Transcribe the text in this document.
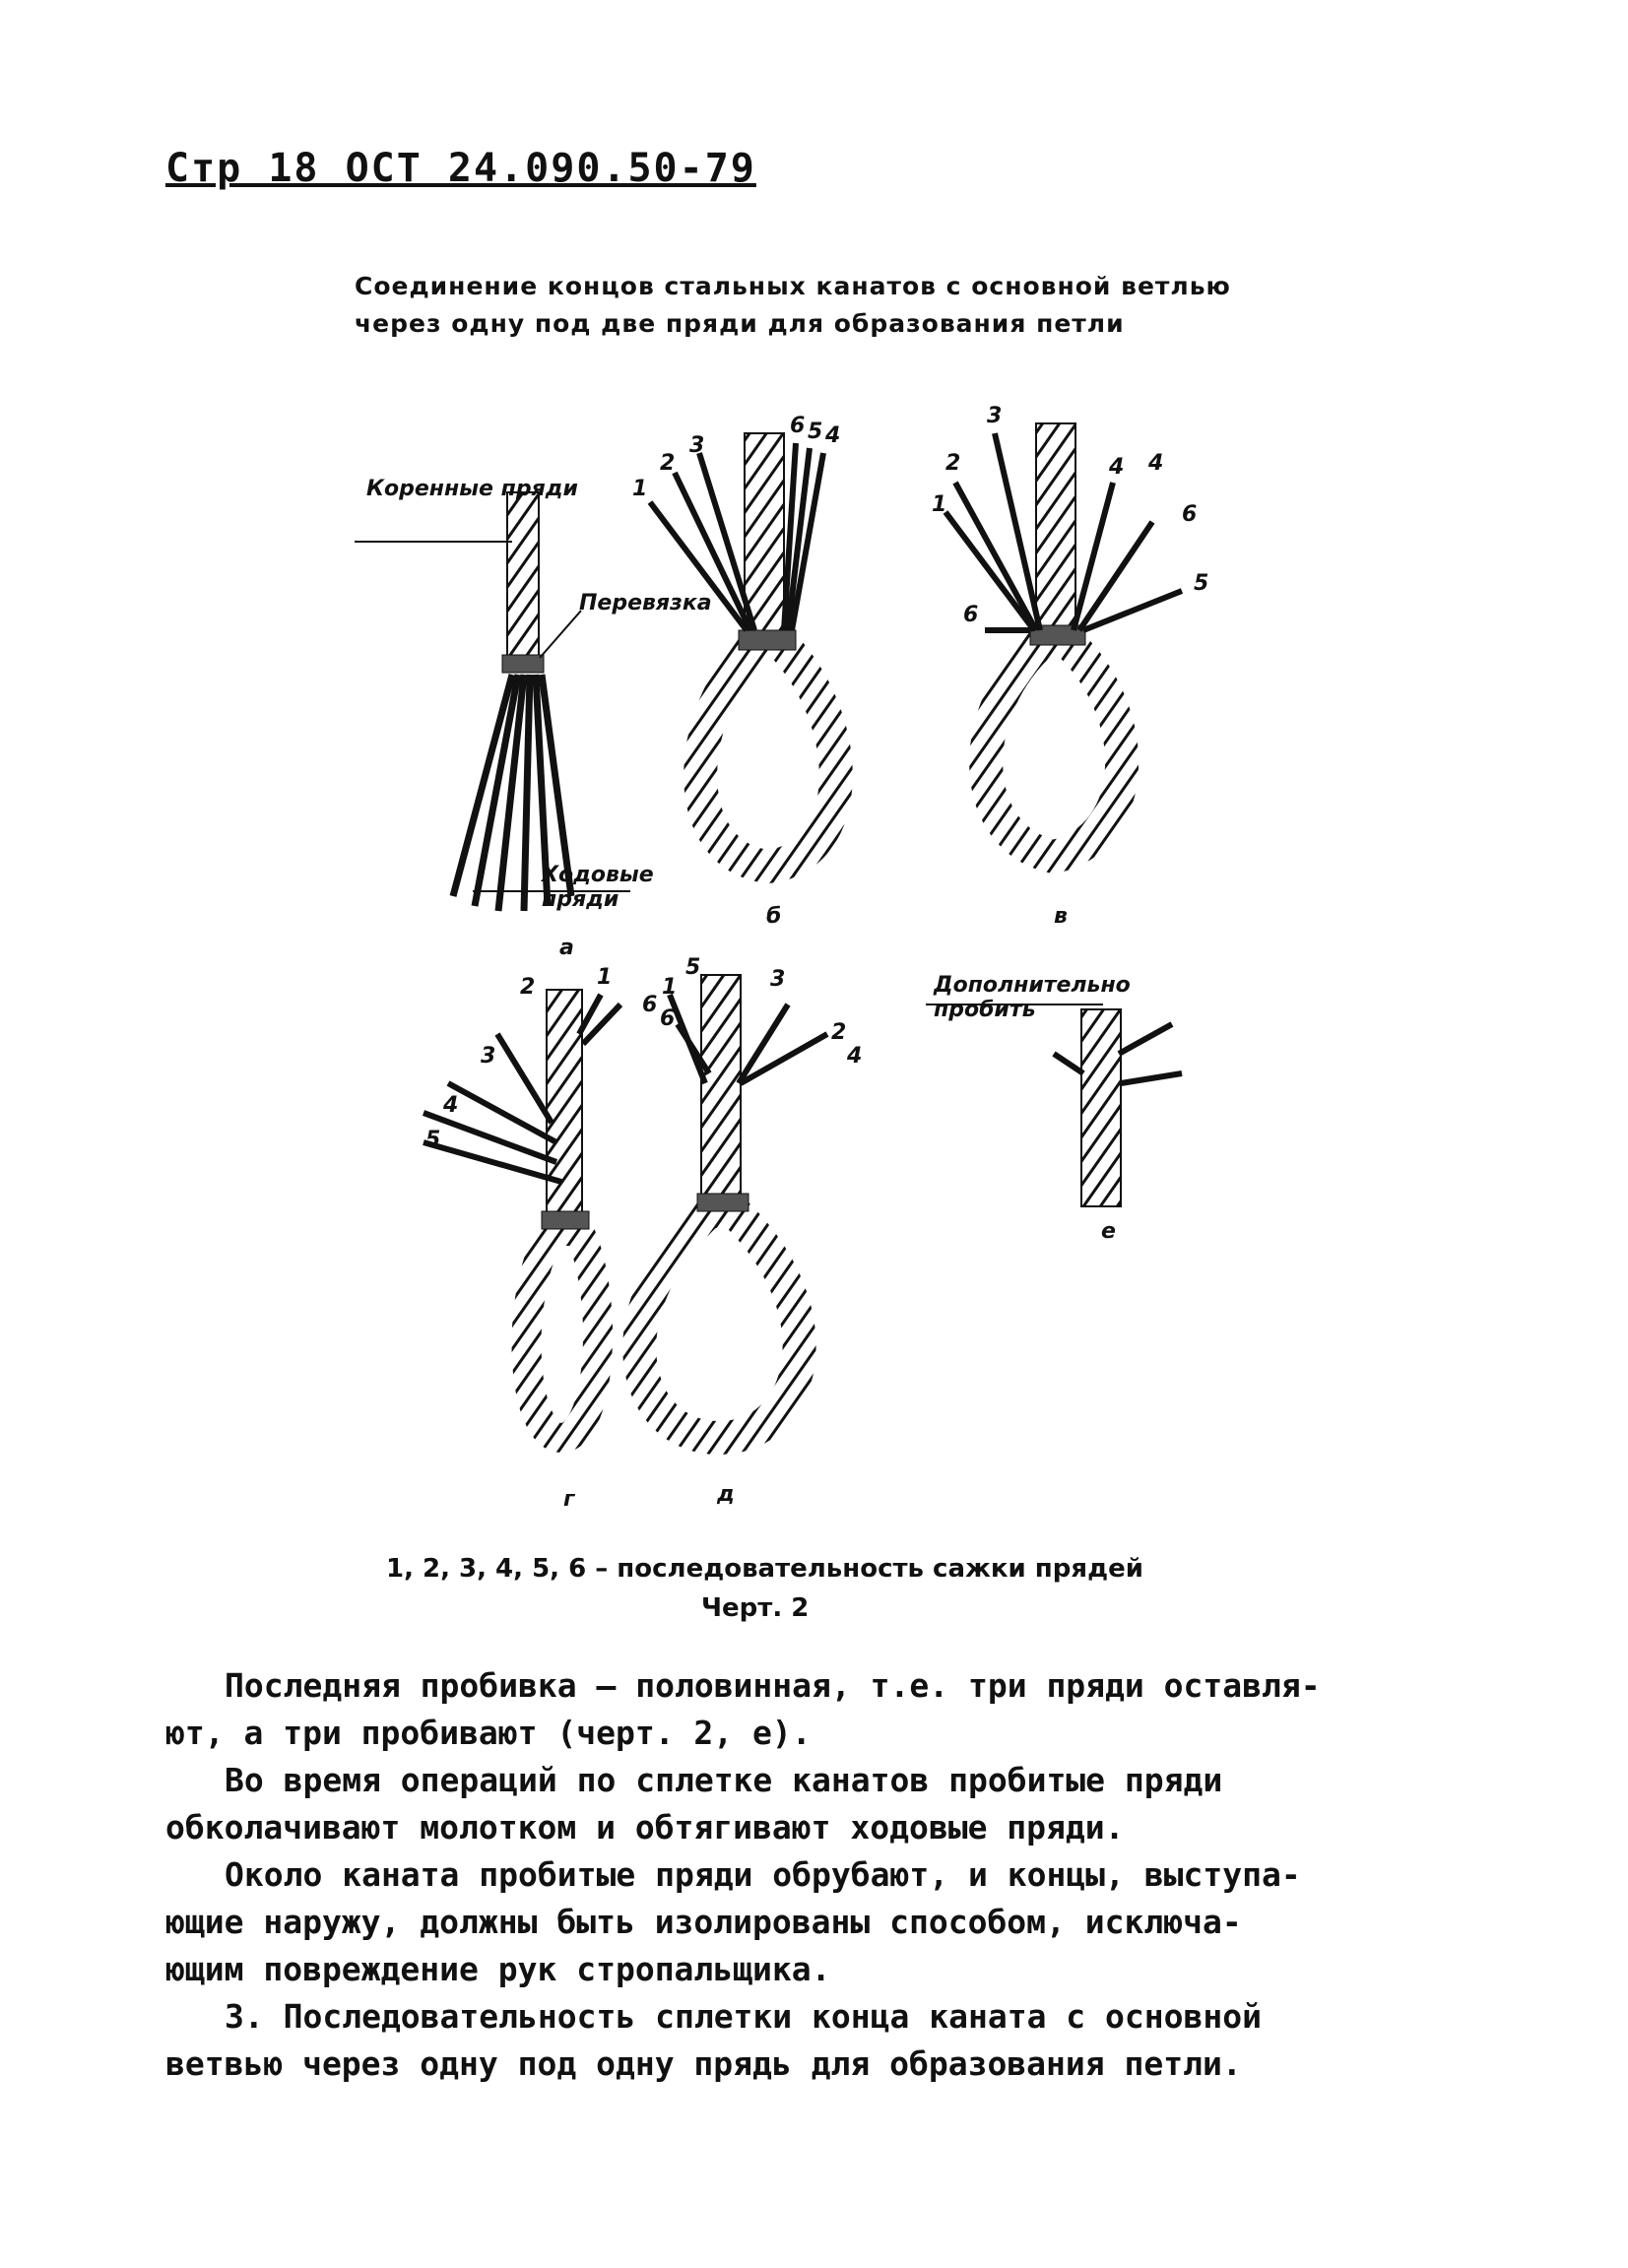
Стр 18 ОСТ 24.090.50-79
Соединение концов стальных канатов с основной ветлью
через одну под две пряди для образования петли
Коренные пряди
Перевязка
Ходовые пряди
Дополнительно пробить
а
б	в
г	д
е
1
2
3
6 5 4
3
2
1
4 4
6
5
6
2	1
6
3
4
5
1
5	3
6
2
4
1, 2, 3, 4, 5, 6 – последовательность сажки прядей
Черт. 2

Последняя пробивка – половинная, т.е. три пряди оставля-

ют, а три пробивают (черт. 2, е).

Во время операций по сплетке канатов пробитые пряди

обколачивают молотком и обтягивают ходовые пряди.

Около каната пробитые пряди обрубают, и концы, выступа-

ющие наружу, должны быть изолированы способом, исключа-

ющим повреждение рук стропальщика.

3. Последовательность сплетки конца каната с основной

ветвью через одну под одну прядь для образования петли.
